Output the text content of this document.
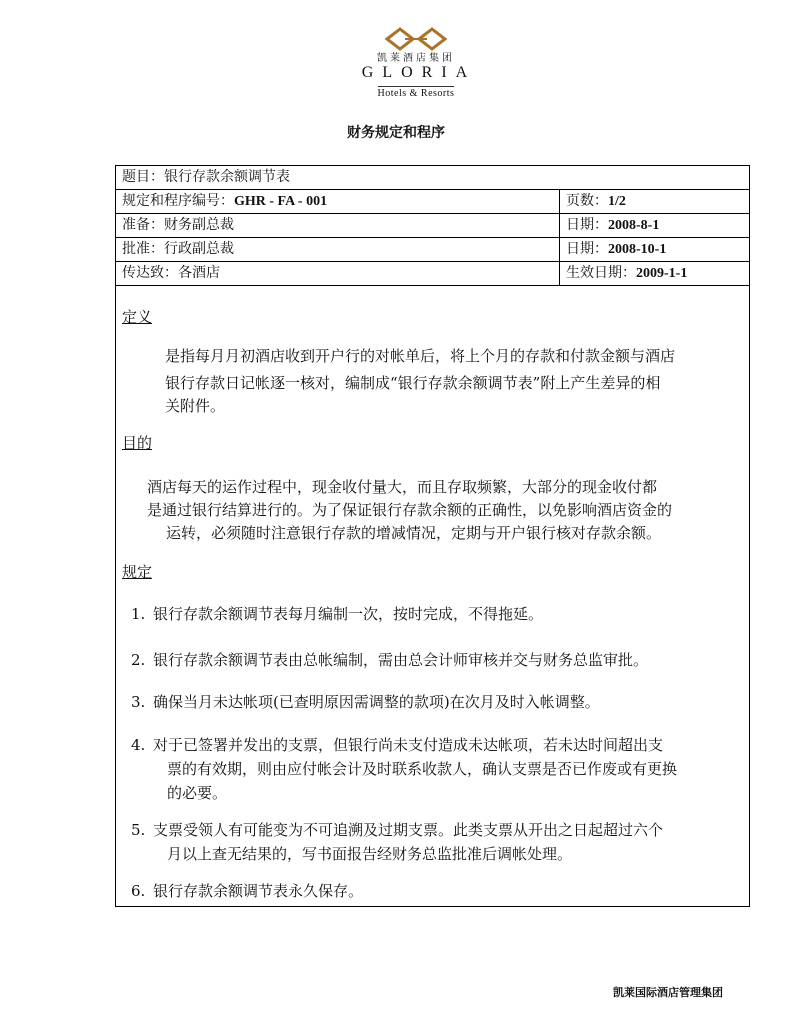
凯莱酒店集团
GLORIA
Hotels & Resorts
财务规定和程序
题目：银行存款余额调节表
规定和程序编号：GHR - FA - 001	页数：1/2
准备：财务副总裁	日期：2008-8-1
批准：行政副总裁	日期：2008-10-1
传达致：各酒店	生效日期：2009-1-1
定义
是指每月月初酒店收到开户行的对帐单后，将上个月的存款和付款金额与酒店
银行存款日记帐逐一核对，编制成“银行存款余额调节表”附上产生差异的相
关附件。
目的
酒店每天的运作过程中，现金收付量大，而且存取频繁，大部分的现金收付都
是通过银行结算进行的。为了保证银行存款余额的正确性，以免影响酒店资金的
运转，必须随时注意银行存款的增减情况，定期与开户银行核对存款余额。
规定
1. 银行存款余额调节表每月编制一次，按时完成，不得拖延。
2. 银行存款余额调节表由总帐编制，需由总会计师审核并交与财务总监审批。
3. 确保当月未达帐项(已查明原因需调整的款项)在次月及时入帐调整。
4. 对于已签署并发出的支票，但银行尚未支付造成未达帐项，若未达时间超出支
票的有效期，则由应付帐会计及时联系收款人，确认支票是否已作废或有更换
的必要。
5. 支票受领人有可能变为不可追溯及过期支票。此类支票从开出之日起超过六个
月以上查无结果的，写书面报告经财务总监批准后调帐处理。
6. 银行存款余额调节表永久保存。
凯莱国际酒店管理集团
